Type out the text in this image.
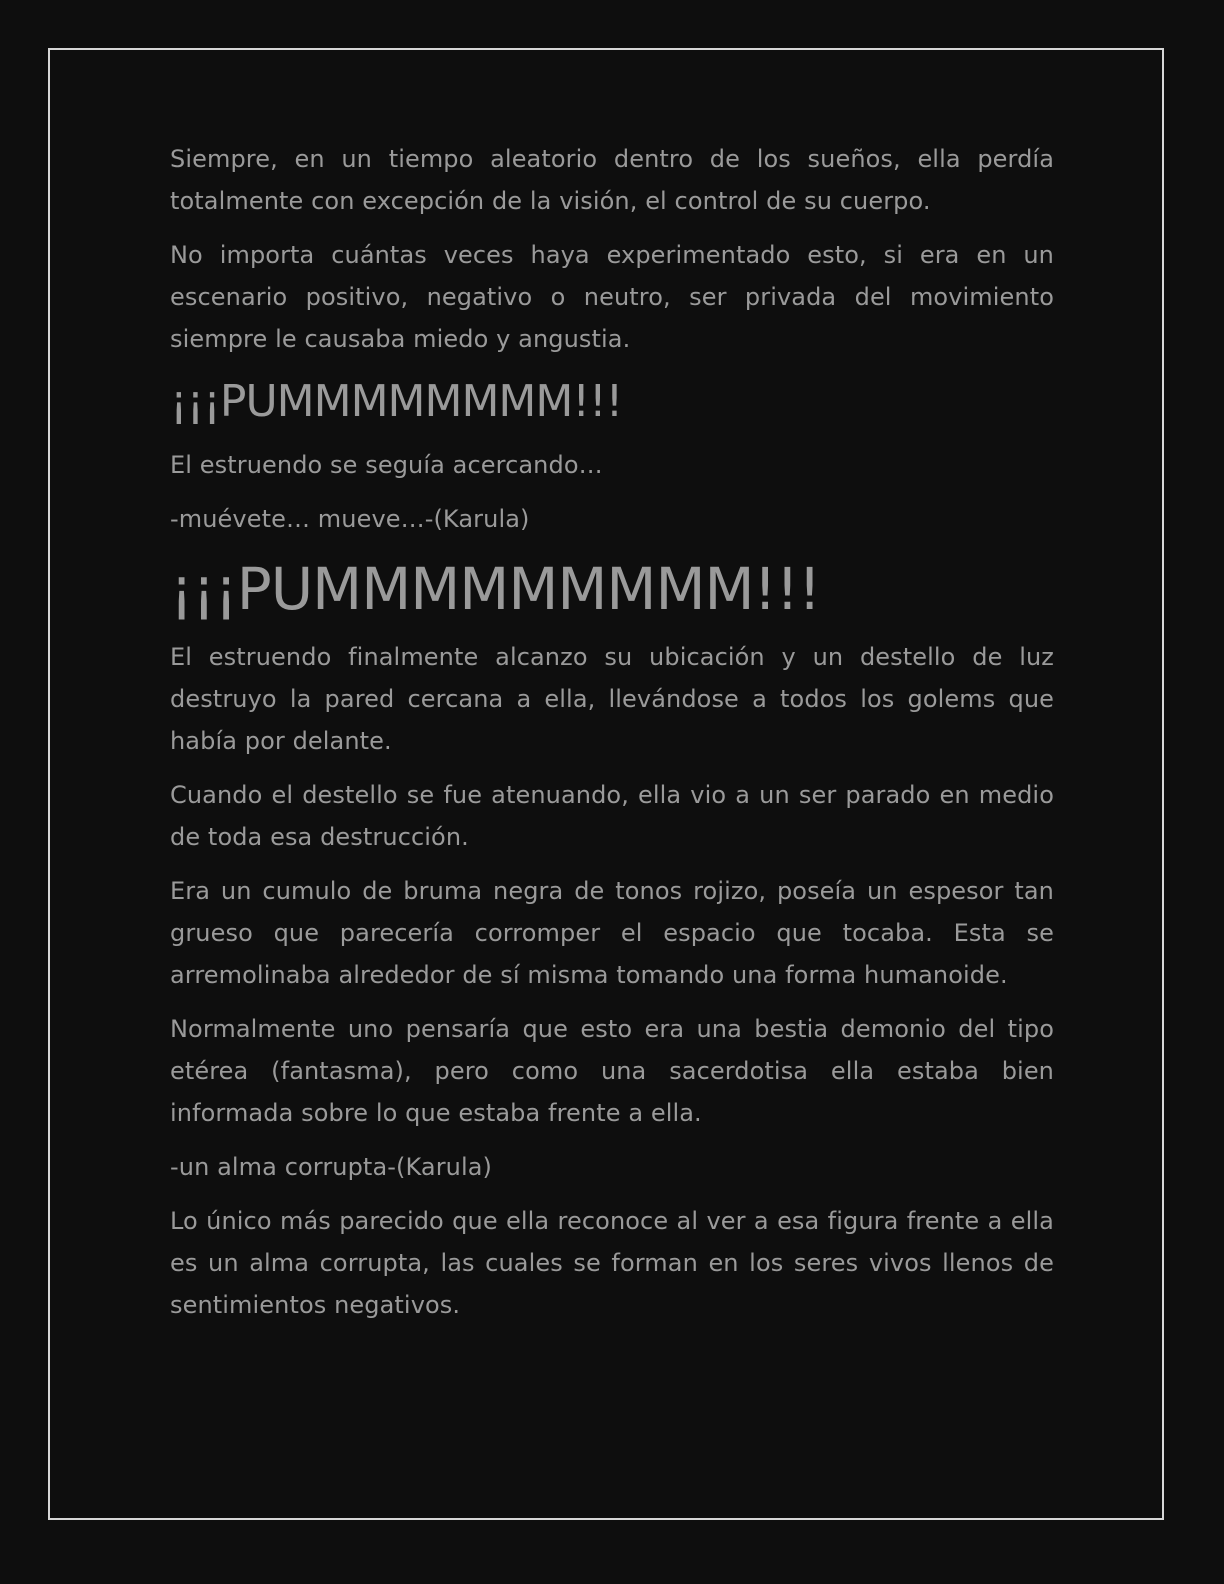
Siempre, en un tiempo aleatorio dentro de los sueños, ella perdía totalmente con excepción de la visión, el control de su cuerpo.

No importa cuántas veces haya experimentado esto, si era en un escenario positivo, negativo o neutro, ser privada del movimiento siempre le causaba miedo y angustia.

¡¡¡PUMMMMMMMM!!!

El estruendo se seguía acercando…

-muévete… mueve…-(Karula)

¡¡¡PUMMMMMMMMM!!!

El estruendo finalmente alcanzo su ubicación y un destello de luz destruyo la pared cercana a ella, llevándose a todos los golems que había por delante.

Cuando el destello se fue atenuando, ella vio a un ser parado en medio de toda esa destrucción.

Era un cumulo de bruma negra de tonos rojizo, poseía un espesor tan grueso que parecería corromper el espacio que tocaba. Esta se arremolinaba alrededor de sí misma tomando una forma humanoide.

Normalmente uno pensaría que esto era una bestia demonio del tipo etérea (fantasma), pero como una sacerdotisa ella estaba bien informada sobre lo que estaba frente a ella.

-un alma corrupta-(Karula)

Lo único más parecido que ella reconoce al ver a esa figura frente a ella es un alma corrupta, las cuales se forman en los seres vivos llenos de sentimientos negativos.
